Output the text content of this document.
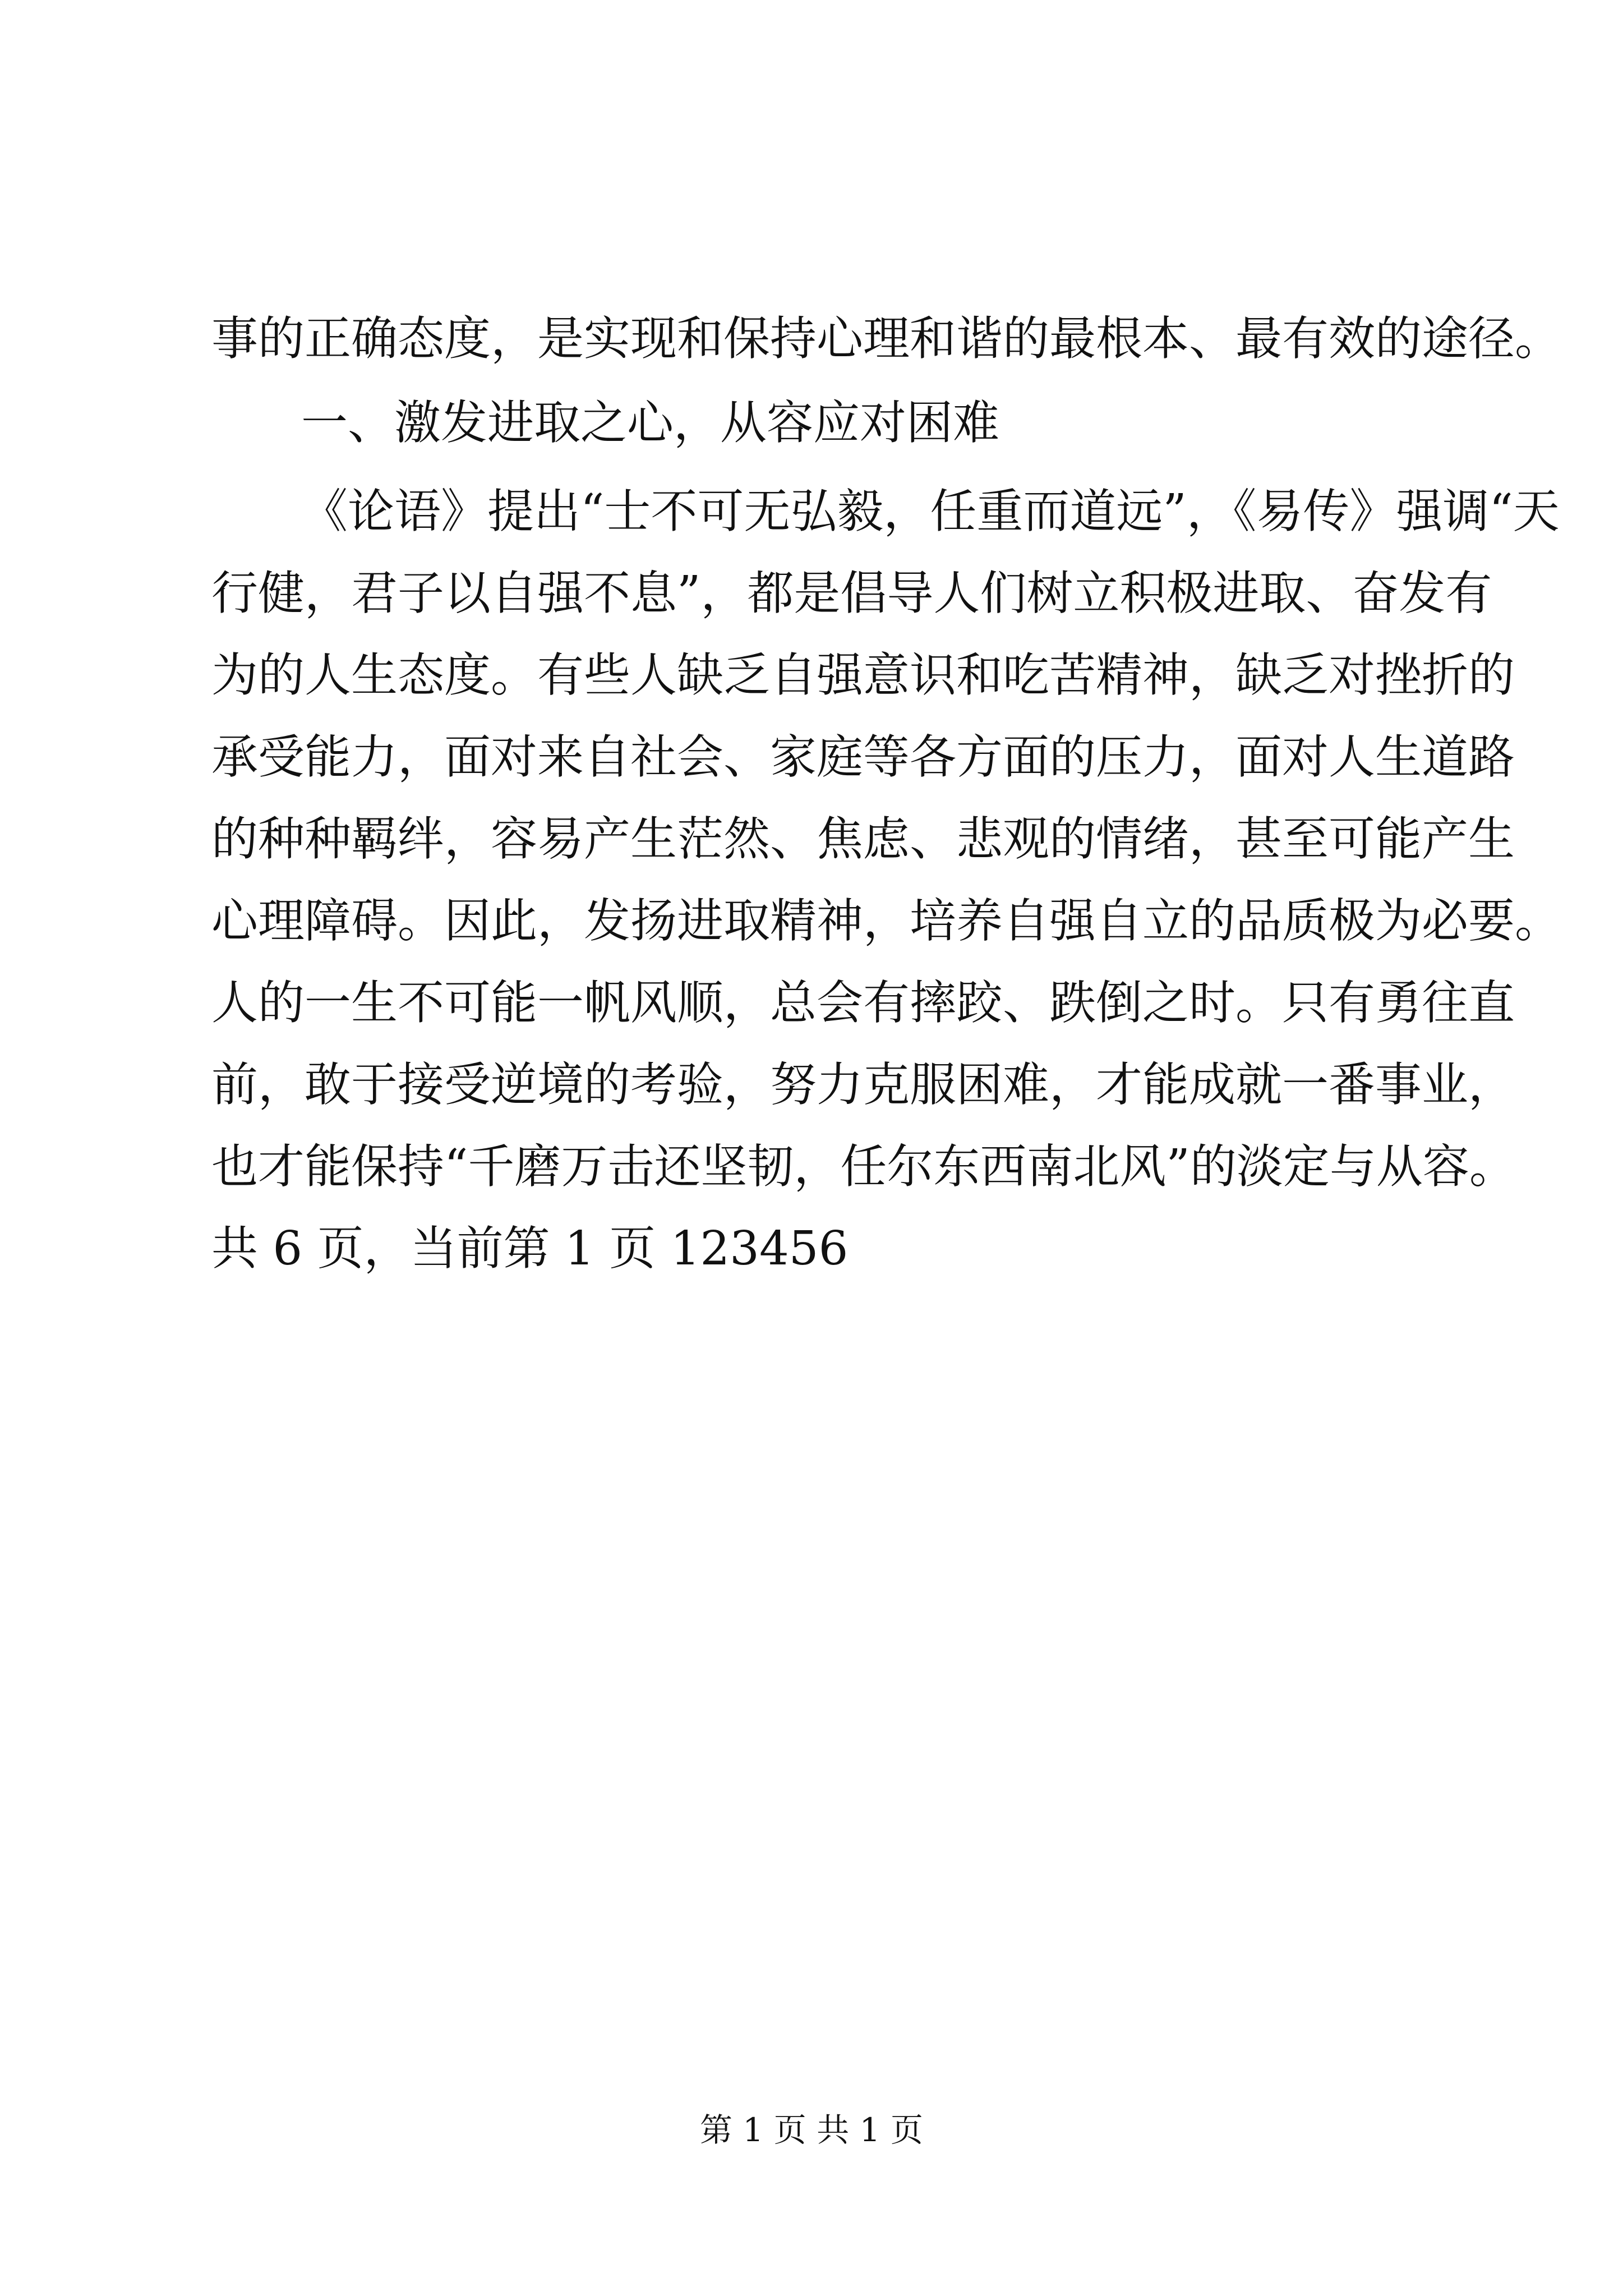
事的正确态度，是实现和保持心理和谐的最根本、最有效的途径。

一、激发进取之心，从容应对困难

《论语》提出“士不可无弘毅，任重而道远”，《易传》强调“天

行健，君子以自强不息”，都是倡导人们树立积极进取、奋发有

为的人生态度。有些人缺乏自强意识和吃苦精神，缺乏对挫折的

承受能力，面对来自社会、家庭等各方面的压力，面对人生道路

的种种羁绊，容易产生茫然、焦虑、悲观的情绪，甚至可能产生

心理障碍。因此，发扬进取精神，培养自强自立的品质极为必要。

人的一生不可能一帆风顺，总会有摔跤、跌倒之时。只有勇往直

前，敢于接受逆境的考验，努力克服困难，才能成就一番事业，

也才能保持“千磨万击还坚韧，任尔东西南北风”的淡定与从容。

共 6 页，当前第 1 页 123456

第 1 页 共 1 页
